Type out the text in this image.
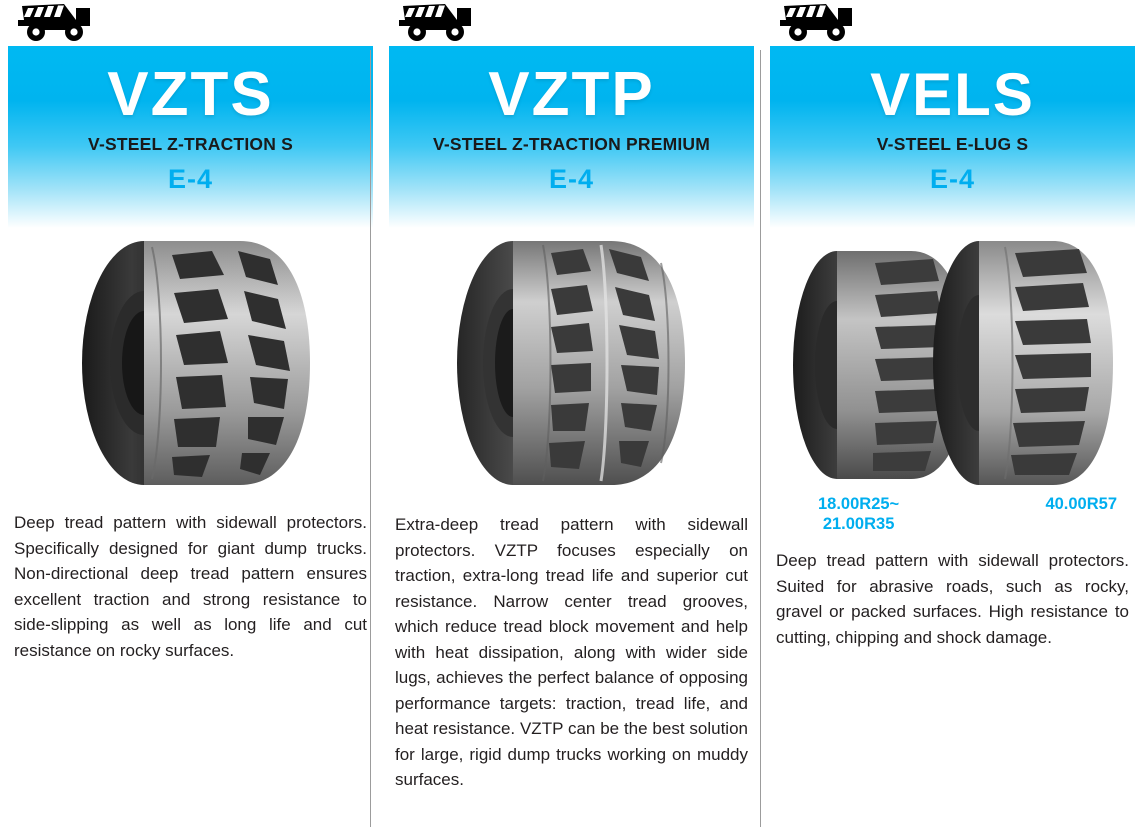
VZTS
V-STEEL Z-TRACTION S
E-4
Deep tread pattern with sidewall protectors. Specifically designed for giant dump trucks. Non-directional deep tread pattern ensures excellent traction and strong resistance to side-slipping as well as long life and cut resistance on rocky surfaces.
VZTP
V-STEEL Z-TRACTION PREMIUM
E-4
Extra-deep tread pattern with sidewall protectors. VZTP focuses especially on traction, extra-long tread life and superior cut resistance. Narrow center tread grooves, which reduce tread block movement and help with heat dissipation, along with wider side lugs, achieves the perfect balance of opposing performance targets: traction, tread life, and heat resistance. VZTP can be the best solution for large, rigid dump trucks working on muddy surfaces.
VELS
V-STEEL E-LUG S
E-4
18.00R25~
21.00R35
40.00R57
Deep tread pattern with sidewall protectors. Suited for abrasive roads, such as rocky, gravel or packed surfaces. High resistance to cutting, chipping and shock damage.
